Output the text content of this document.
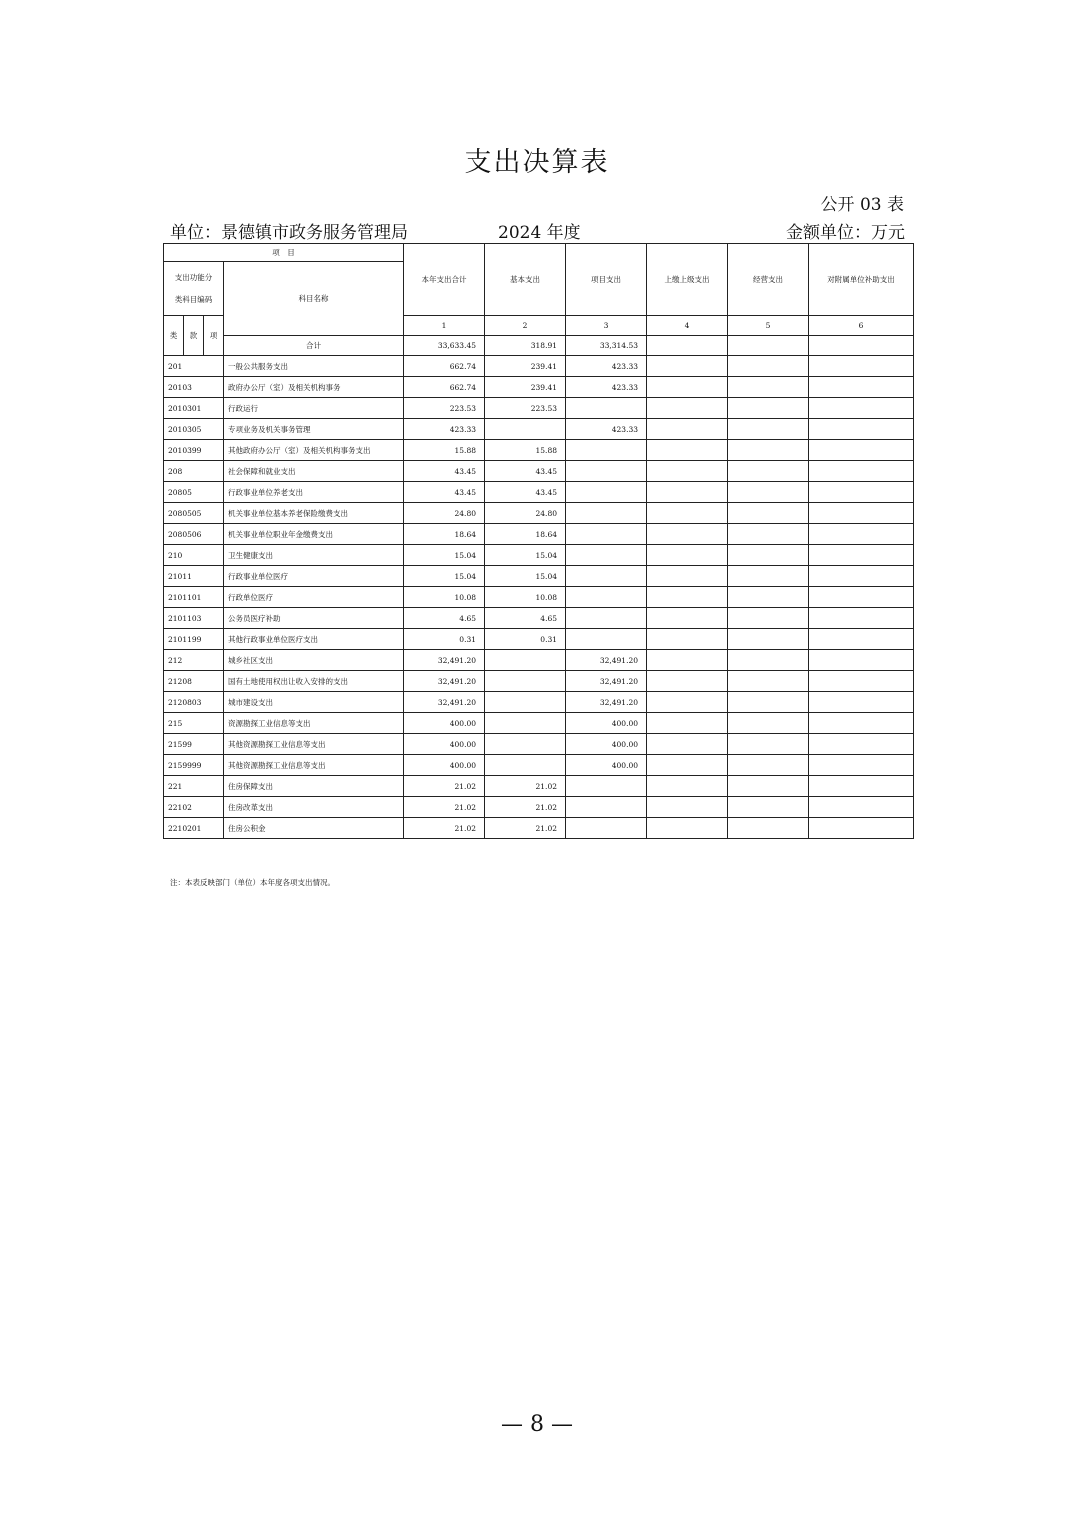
支出决算表
公开 03 表
单位：景德镇市政务服务管理局	2024 年度	金额单位：万元
项　目				本年支出合计	基本支出	项目支出	上缴上级支出	经营支出	对附属单位补助支出

支出功能分
类科目编码			科目名称						
类	款	项		1	2	3	4	5	6
			合计	33,633.45	318.91	33,314.53			
201			一般公共服务支出	662.74	239.41	423.33			
20103			政府办公厅（室）及相关机构事务	662.74	239.41	423.33			
2010301			行政运行	223.53	223.53				
2010305			专项业务及机关事务管理	423.33		423.33			
2010399			其他政府办公厅（室）及相关机构事务支出	15.88	15.88				
208			社会保障和就业支出	43.45	43.45				
20805			行政事业单位养老支出	43.45	43.45				
2080505			机关事业单位基本养老保险缴费支出	24.80	24.80				
2080506			机关事业单位职业年金缴费支出	18.64	18.64				
210			卫生健康支出	15.04	15.04				
21011			行政事业单位医疗	15.04	15.04				
2101101			行政单位医疗	10.08	10.08				
2101103			公务员医疗补助	4.65	4.65				
2101199			其他行政事业单位医疗支出	0.31	0.31				
212			城乡社区支出	32,491.20		32,491.20			
21208			国有土地使用权出让收入安排的支出	32,491.20		32,491.20			
2120803			城市建设支出	32,491.20		32,491.20			
215			资源勘探工业信息等支出	400.00		400.00			
21599			其他资源勘探工业信息等支出	400.00		400.00			
2159999			其他资源勘探工业信息等支出	400.00		400.00			
221			住房保障支出	21.02	21.02				
22102			住房改革支出	21.02	21.02				
2210201			住房公积金	21.02	21.02				
注：本表反映部门（单位）本年度各项支出情况。
— 8 —
